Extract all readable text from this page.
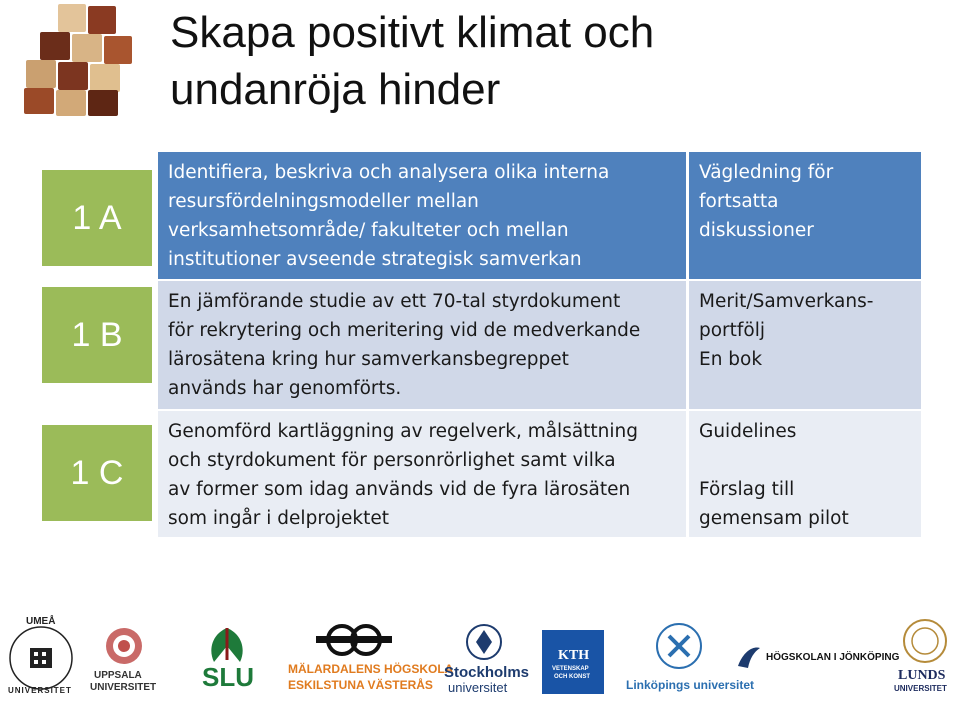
Skapa positivt klimat och
undanröja hinder
1 A
1 B
1 C
Identifiera, beskriva och analysera olika interna
resursfördelningsmodeller mellan
verksamhetsområde/ fakulteter och mellan
institutioner avseende strategisk samverkan
Vägledning för
fortsatta
diskussioner
En jämförande studie av ett 70-tal styrdokument
för rekrytering och meritering vid de medverkande
lärosätena kring hur samverkansbegreppet
används har genomförts.
Merit/Samverkans-
portfölj
En bok
Genomförd kartläggning av regelverk, målsättning
och styrdokument för personrörlighet samt vilka
av former som idag används vid de fyra lärosäten
som ingår i delprojektet
Guidelines

Förslag till
gemensam pilot
UMEÅ
UNIVERSITET
UPPSALA
UNIVERSITET SLU	MÄLARDALENS HÖGSKOLA
ESKILSTUNA VÄSTERÅS
Stockholms
universitet
KTH
VETENSKAP
OCH KONST
Linköpings universitet
HÖGSKOLAN I JÖNKÖPING
LUNDS
UNIVERSITET
